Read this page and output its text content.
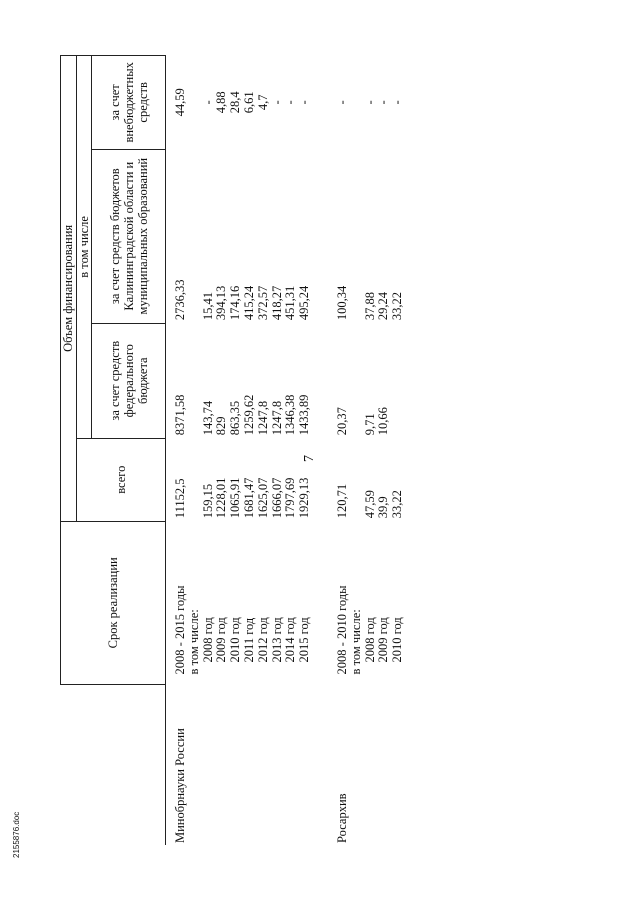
7
	Срок реализации	Объем финансирования			
		всего	в том числе		
			за счет средств федерального бюджета	за счет средств бюджетов Калининградской области и муниципальных образований	за счет внебюджетных средств

Минобрнауки России	2008 - 2015 годы	11152,5	8371,58	2736,33	44,59
	в том числе:				
	2008 год	159,15	143,74	15,41	-
	2009 год	1228,01	829	394,13	4,88
	2010 год	1065,91	863,35	174,16	28,4
	2011 год	1681,47	1259,62	415,24	6,61
	2012 год	1625,07	1247,8	372,57	4,7
	2013 год	1666,07	1247,8	418,27	-
	2014 год	1797,69	1346,38	451,31	-
	2015 год	1929,13	1433,89	495,24	-

Росархив	2008 - 2010 годы	120,71	20,37	100,34	-
	в том числе:				
	2008 год	47,59	9,71	37,88	-
	2009 год	39,9	10,66	29,24	-
	2010 год	33,22		33,22	-
2155876.doc
